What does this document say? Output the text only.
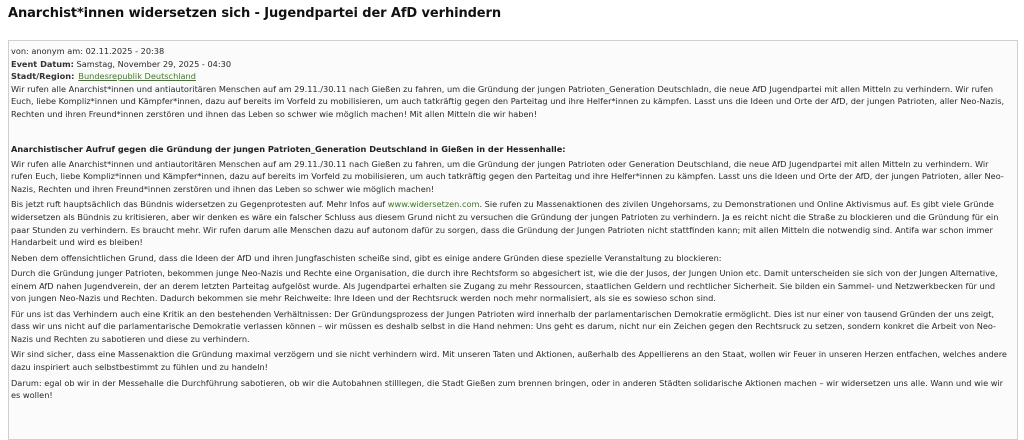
Anarchist*innen widersetzen sich - Jugendpartei der AfD verhindern
von: anonym am: 02.11.2025 - 20:38
Event Datum: Samstag, November 29, 2025 - 04:30
Stadt/Region: Bundesrepublik Deutschland

Wir rufen alle Anarchist*innen und antiautoritären Menschen auf am 29.11./30.11 nach Gießen zu fahren, um die Gründung der jungen Patrioten_Generation Deutschladn, die neue AfD Jugendpartei mit allen Mitteln zu verhindern. Wir rufen Euch, liebe Kompliz*innen und Kämpfer*innen, dazu auf bereits im Vorfeld zu mobilisieren, um auch tatkräftig gegen den Parteitag und ihre Helfer*innen zu kämpfen. Lasst uns die Ideen und Orte der AfD, der jungen Patrioten, aller Neo-Nazis, Rechten und ihren Freund*innen zerstören und ihnen das Leben so schwer wie möglich machen! Mit allen Mitteln die wir haben!

Anarchistischer Aufruf gegen die Gründung der jungen Patrioten_Generation Deutschland in Gießen in der Hessenhalle:

Wir rufen alle Anarchist*innen und antiautoritären Menschen auf am 29.11./30.11 nach Gießen zu fahren, um die Gründung der jungen Patrioten oder Generation Deutschland, die neue AfD Jugendpartei mit allen Mitteln zu verhindern. Wir rufen Euch, liebe Kompliz*innen und Kämpfer*innen, dazu auf bereits im Vorfeld zu mobilisieren, um auch tatkräftig gegen den Parteitag und ihre Helfer*innen zu kämpfen. Lasst uns die Ideen und Orte der AfD, der jungen Patrioten, aller Neo-Nazis, Rechten und ihren Freund*innen zerstören und ihnen das Leben so schwer wie möglich machen!

Bis jetzt ruft hauptsächlich das Bündnis widersetzen zu Gegenprotesten auf. Mehr Infos auf www.widersetzen.com. Sie rufen zu Massenaktionen des zivilen Ungehorsams, zu Demonstrationen und Online Aktivismus auf. Es gibt viele Gründe widersetzen als Bündnis zu kritisieren, aber wir denken es wäre ein falscher Schluss aus diesem Grund nicht zu versuchen die Gründung der jungen Patrioten zu verhindern. Ja es reicht nicht die Straße zu blockieren und die Gründung für ein paar Stunden zu verhindern. Es braucht mehr. Wir rufen darum alle Menschen dazu auf autonom dafür zu sorgen, dass die Gründung der Jungen Patrioten nicht stattfinden kann; mit allen Mitteln die notwendig sind. Antifa war schon immer Handarbeit und wird es bleiben!

Neben dem offensichtlichen Grund, dass die Ideen der AfD und ihren Jungfaschisten scheiße sind, gibt es einige andere Gründen diese spezielle Veranstaltung zu blockieren:

Durch die Gründung junger Patrioten, bekommen junge Neo-Nazis und Rechte eine Organisation, die durch ihre Rechtsform so abgesichert ist, wie die der Jusos, der Jungen Union etc. Damit unterscheiden sie sich von der Jungen Alternative, einem AfD nahen Jugendverein, der an derem letzten Parteitag aufgelöst wurde. Als Jugendpartei erhalten sie Zugang zu mehr Ressourcen, staatlichen Geldern und rechtlicher Sicherheit. Sie bilden ein Sammel- und Netzwerkbecken für und von jungen Neo-Nazis und Rechten. Dadurch bekommen sie mehr Reichweite: Ihre Ideen und der Rechtsruck werden noch mehr normalisiert, als sie es sowieso schon sind.

Für uns ist das Verhindern auch eine Kritik an den bestehenden Verhältnissen: Der Gründungsprozess der Jungen Patrioten wird innerhalb der parlamentarischen Demokratie ermöglicht. Dies ist nur einer von tausend Gründen der uns zeigt, dass wir uns nicht auf die parlamentarische Demokratie verlassen können – wir müssen es deshalb selbst in die Hand nehmen: Uns geht es darum, nicht nur ein Zeichen gegen den Rechtsruck zu setzen, sondern konkret die Arbeit von Neo-Nazis und Rechten zu sabotieren und diese zu verhindern.

Wir sind sicher, dass eine Massenaktion die Gründung maximal verzögern und sie nicht verhindern wird. Mit unseren Taten und Aktionen, außerhalb des Appellierens an den Staat, wollen wir Feuer in unseren Herzen entfachen, welches andere dazu inspiriert auch selbstbestimmt zu fühlen und zu handeln!

Darum: egal ob wir in der Messehalle die Durchführung sabotieren, ob wir die Autobahnen stilllegen, die Stadt Gießen zum brennen bringen, oder in anderen Städten solidarische Aktionen machen – wir widersetzen uns alle. Wann und wie wir es wollen!
